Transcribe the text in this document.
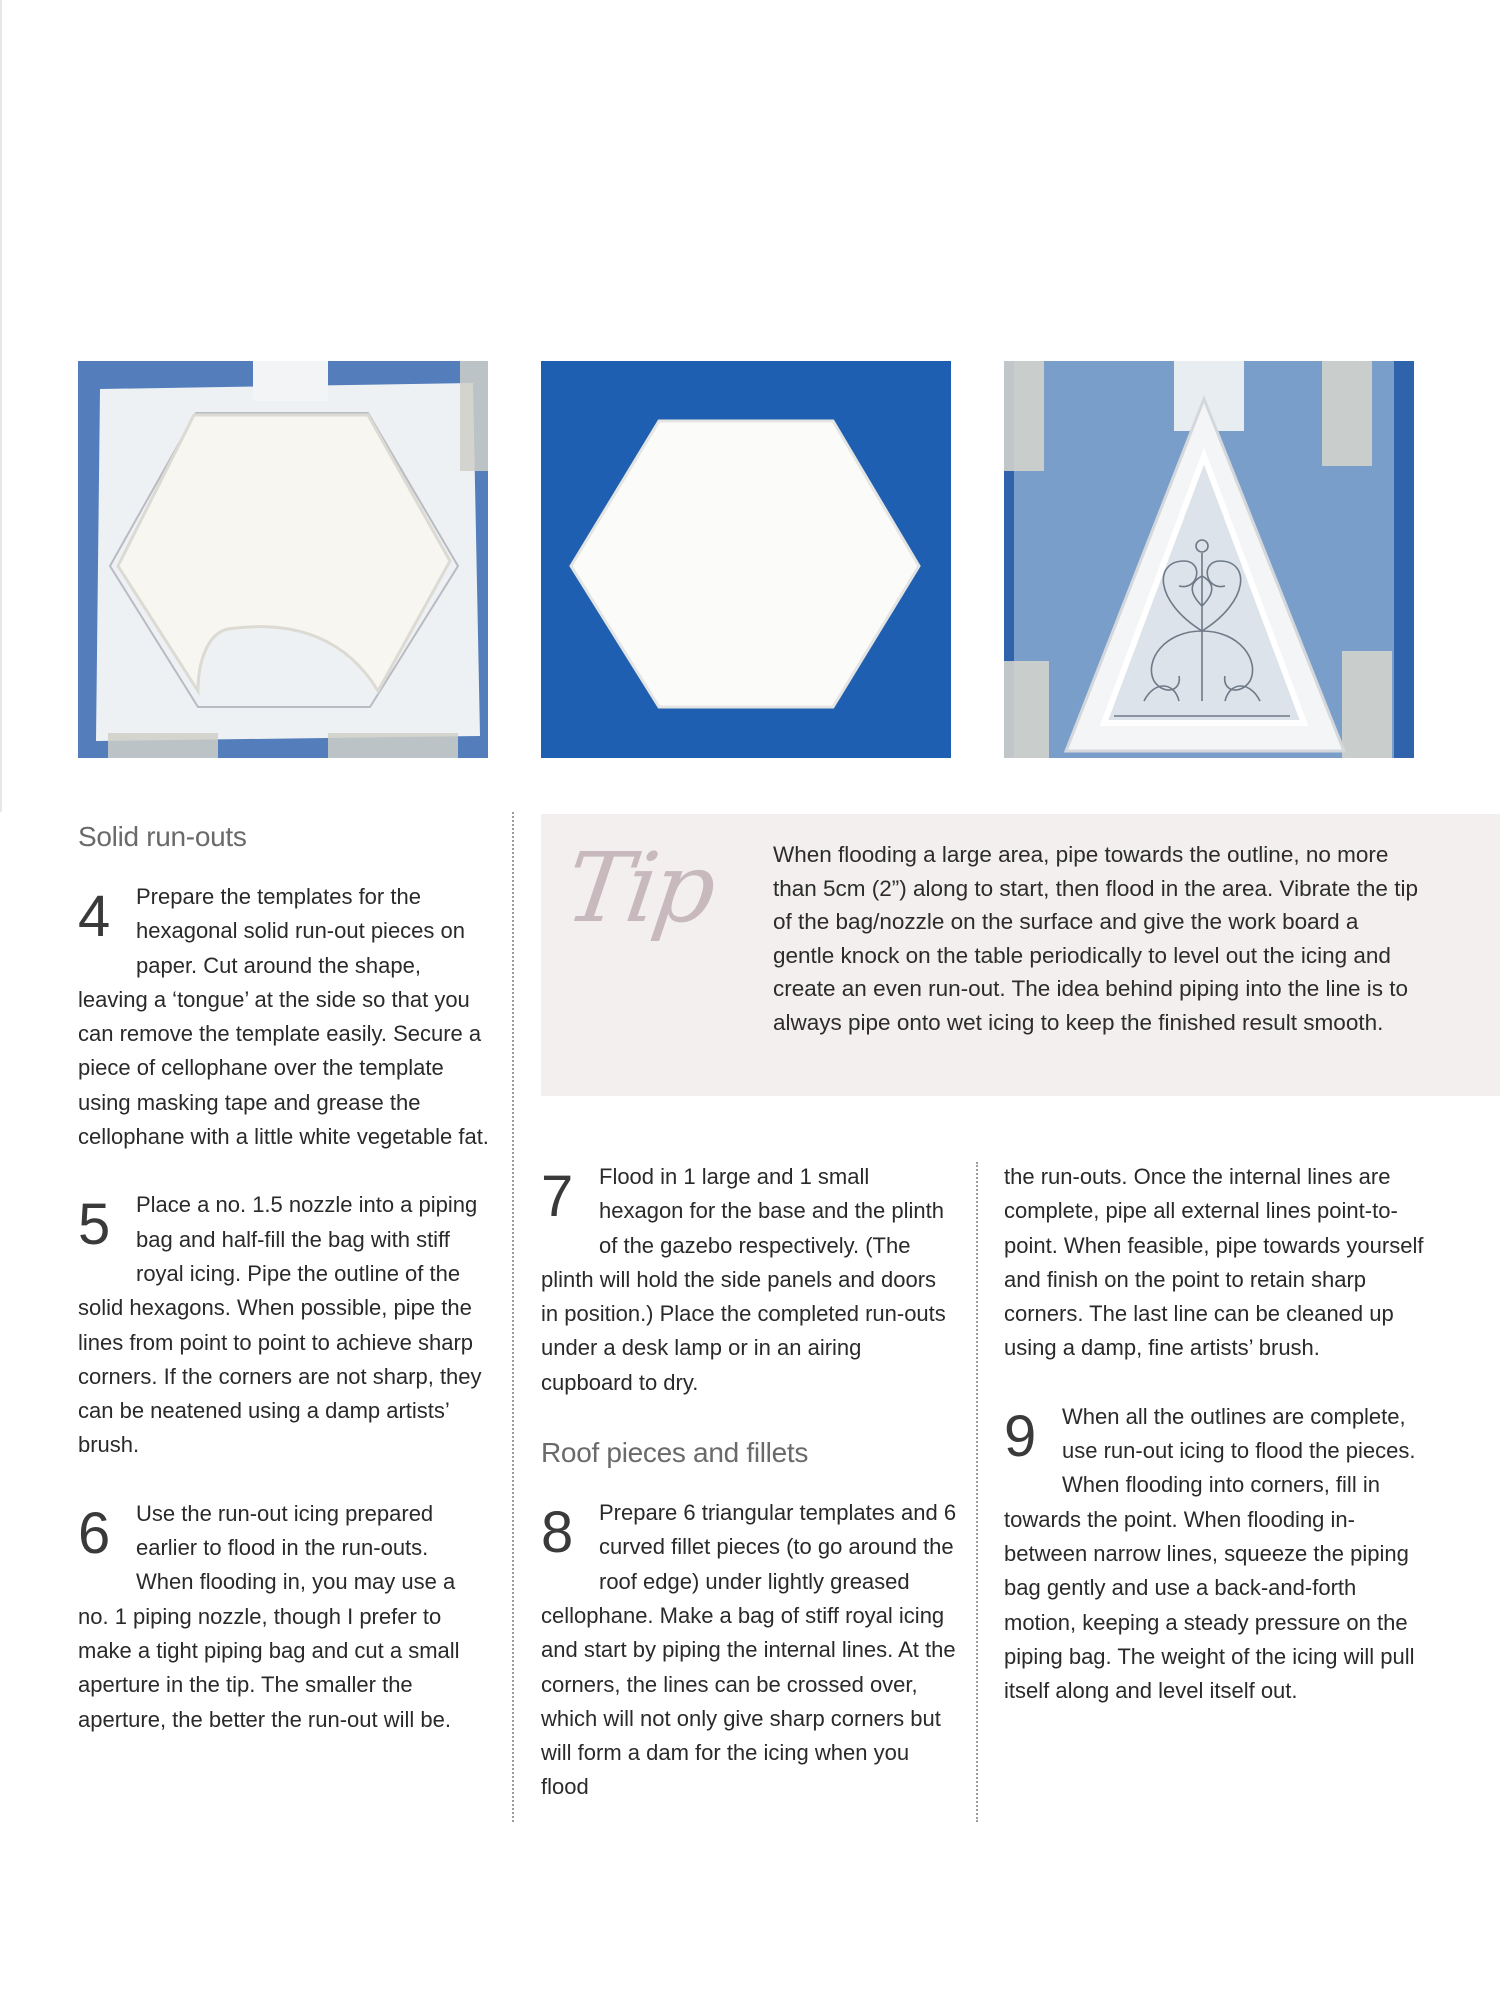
Tip When flooding a large area, pipe towards the outline, no more than 5cm (2”) along to start, then flood in the area. Vibrate the tip of the bag/nozzle on the surface and give the work board a gentle knock on the table periodically to level out the icing and create an even run-out. The idea behind piping into the line is to always pipe onto wet icing to keep the finished result smooth.
Solid run-outs
4	Prepare the templates for the hexagonal solid run-out pieces on paper. Cut around the shape, leaving a ‘tongue’ at the side so that you can remove the template easily. Secure a piece of cellophane over the template using masking tape and grease the cellophane with a little white vegetable fat.

5	Place a no. 1.5 nozzle into a piping bag and half-fill the bag with stiff royal icing. Pipe the outline of the solid hexagons. When possible, pipe the lines from point to point to achieve sharp corners. If the corners are not sharp, they can be neatened using a damp artists’ brush.

6	Use the run-out icing prepared earlier to flood in the run-outs. When flooding in, you may use a no. 1 piping nozzle, though I prefer to make a tight piping bag and cut a small aperture in the tip. The smaller the aperture, the better the run-out will be.

7	Flood in 1 large and 1 small hexagon for the base and the plinth of the gazebo respectively. (The plinth will hold the side panels and doors in position.) Place the completed run-outs under a desk lamp or in an airing cupboard to dry.

Roof pieces and fillets
8	Prepare 6 triangular templates and 6 curved fillet pieces (to go around the roof edge) under lightly greased cellophane. Make a bag of stiff royal icing and start by piping the internal lines. At the corners, the lines can be crossed over, which will not only give sharp corners but will form a dam for the icing when you flood

the run-outs. Once the internal lines are complete, pipe all external lines point-to-point. When feasible, pipe towards yourself and finish on the point to retain sharp corners. The last line can be cleaned up using a damp, fine artists’ brush.

9	When all the outlines are complete, use run-out icing to flood the pieces. When flooding into corners, fill in towards the point. When flooding in-between narrow lines, squeeze the piping bag gently and use a back-and-forth motion, keeping a steady pressure on the piping bag. The weight of the icing will pull itself along and level itself out.
